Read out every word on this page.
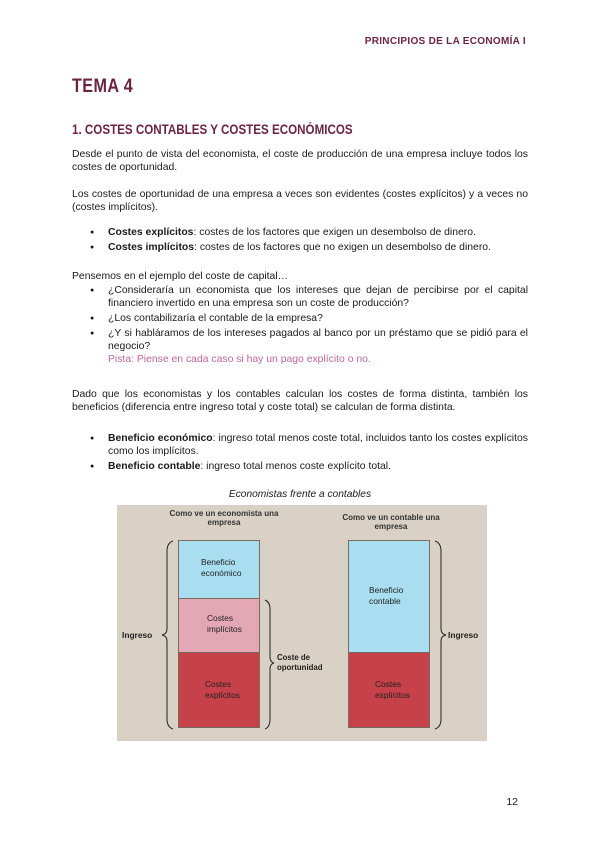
PRINCIPIOS DE LA ECONOMÍA I
TEMA 4
1. COSTES CONTABLES Y COSTES ECONÓMICOS

Desde el punto de vista del economista, el coste de producción de una empresa incluye todos los costes de oportunidad.

Los costes de oportunidad de una empresa a veces son evidentes (costes explícitos) y a veces no (costes implícitos).

● Costes explícitos: costes de los factores que exigen un desembolso de dinero.
● Costes implícitos: costes de los factores que no exigen un desembolso de dinero.

Pensemos en el ejemplo del coste de capital…

● ¿Consideraría un economista que los intereses que dejan de percibirse por el capital financiero invertido en una empresa son un coste de producción?
● ¿Los contabilizaría el contable de la empresa?
● ¿Y si habláramos de los intereses pagados al banco por un préstamo que se pidió para el negocio?
Pista: Piense en cada caso si hay un pago explícito o no.

Dado que los economistas y los contables calculan los costes de forma distinta, también los beneficios (diferencia entre ingreso total y coste total) se calculan de forma distinta.

● Beneficio económico: ingreso total menos coste total, incluidos tanto los costes explícitos como los implícitos.
● Beneficio contable: ingreso total menos coste explícito total.
Economistas frente a contables
Como ve un economista una empresa
Como ve un contable una empresa
Beneficio económico
Costes implícitos
Costes explícitos
Beneficio contable
Costes explícitos
Ingreso
Coste de oportunidad
Ingreso
12
